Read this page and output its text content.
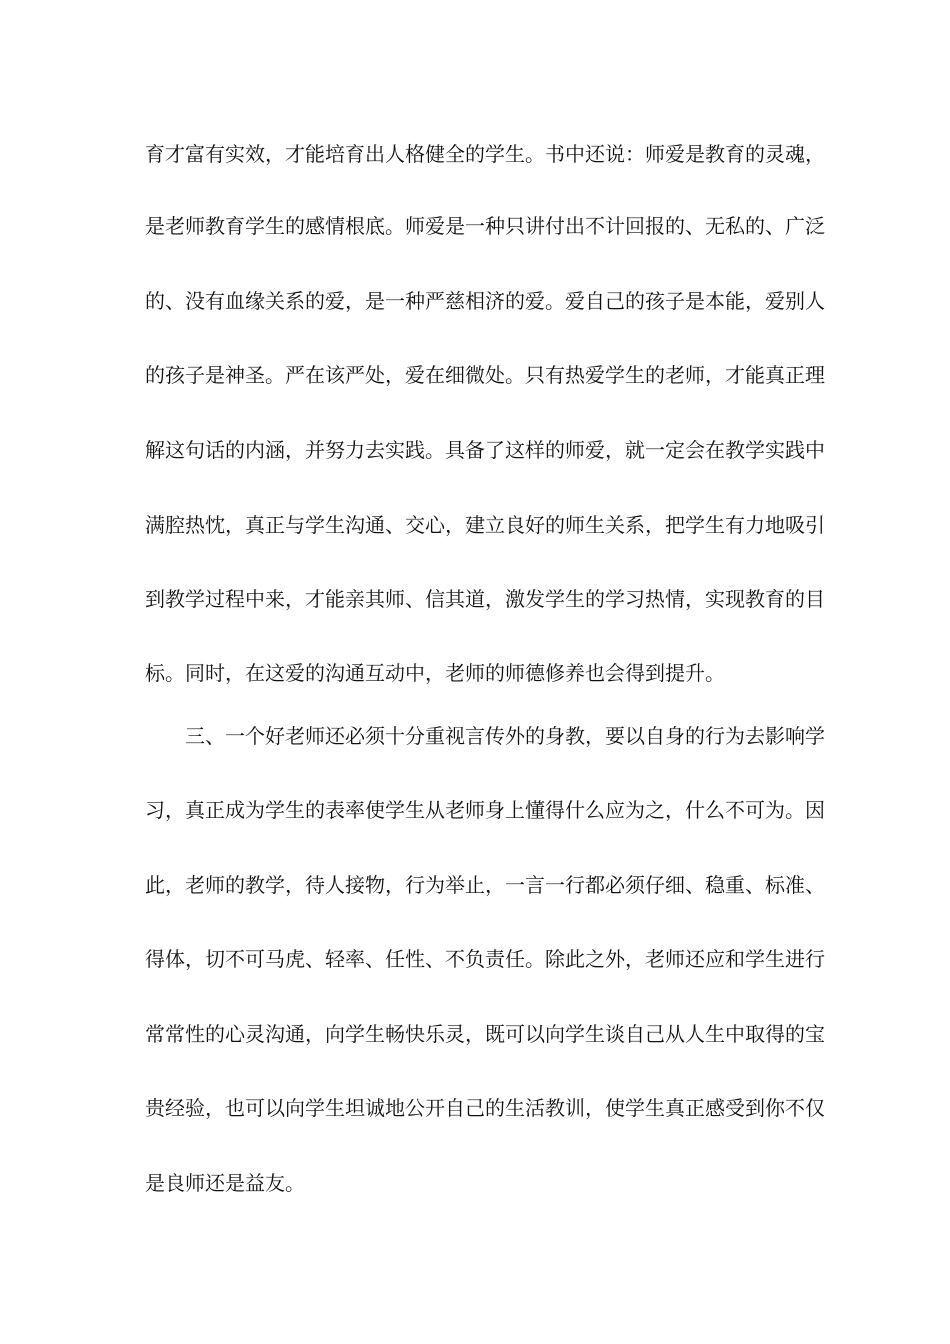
育才富有实效，才能培育出人格健全的学生。书中还说：师爱是教育的灵魂，
是老师教育学生的感情根底。师爱是一种只讲付出不计回报的、无私的、广泛
的、没有血缘关系的爱，是一种严慈相济的爱。爱自己的孩子是本能，爱别人
的孩子是神圣。严在该严处，爱在细微处。只有热爱学生的老师，才能真正理
解这句话的内涵，并努力去实践。具备了这样的师爱，就一定会在教学实践中
满腔热忱，真正与学生沟通、交心，建立良好的师生关系，把学生有力地吸引
到教学过程中来，才能亲其师、信其道，激发学生的学习热情，实现教育的目
标。同时，在这爱的沟通互动中，老师的师德修养也会得到提升。
三、一个好老师还必须十分重视言传外的身教，要以自身的行为去影响学
习，真正成为学生的表率使学生从老师身上懂得什么应为之，什么不可为。因
此，老师的教学，待人接物，行为举止，一言一行都必须仔细、稳重、标准、
得体，切不可马虎、轻率、任性、不负责任。除此之外，老师还应和学生进行
常常性的心灵沟通，向学生畅快乐灵，既可以向学生谈自己从人生中取得的宝
贵经验，也可以向学生坦诚地公开自己的生活教训，使学生真正感受到你不仅
是良师还是益友。
